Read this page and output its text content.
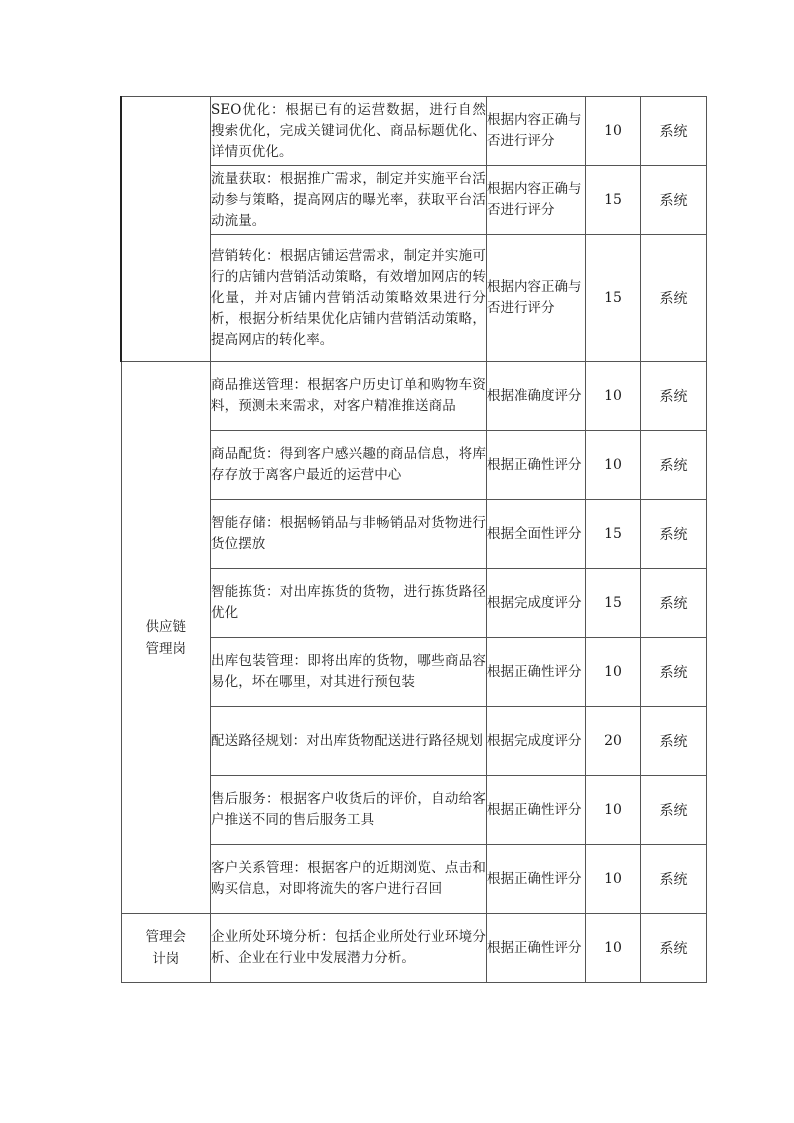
	SEO优化：根据已有的运营数据，进行自然搜索优化，完成关键词优化、商品标题优化、详情页优化。	根据内容正确与否进行评分	10	系统
	流量获取：根据推广需求，制定并实施平台活动参与策略，提高网店的曝光率，获取平台活动流量。	根据内容正确与否进行评分	15	系统
	营销转化：根据店铺运营需求，制定并实施可行的店铺内营销活动策略，有效增加网店的转化量，并对店铺内营销活动策略效果进行分析，根据分析结果优化店铺内营销活动策略，提高网店的转化率。	根据内容正确与否进行评分	15	系统
供应链管理岗	商品推送管理：根据客户历史订单和购物车资料，预测未来需求，对客户精准推送商品	根据准确度评分	10	系统
	商品配货：得到客户感兴趣的商品信息，将库存存放于离客户最近的运营中心	根据正确性评分	10	系统
	智能存储：根据畅销品与非畅销品对货物进行货位摆放	根据全面性评分	15	系统
	智能拣货：对出库拣货的货物，进行拣货路径优化	根据完成度评分	15	系统
	出库包装管理：即将出库的货物，哪些商品容易化，坏在哪里，对其进行预包装	根据正确性评分	10	系统
	配送路径规划：对出库货物配送进行路径规划	根据完成度评分	20	系统
	售后服务：根据客户收货后的评价，自动给客户推送不同的售后服务工具	根据正确性评分	10	系统
	客户关系管理：根据客户的近期浏览、点击和购买信息，对即将流失的客户进行召回	根据正确性评分	10	系统
管理会计岗	企业所处环境分析：包括企业所处行业环境分析、企业在行业中发展潜力分析。	根据正确性评分	10	系统
